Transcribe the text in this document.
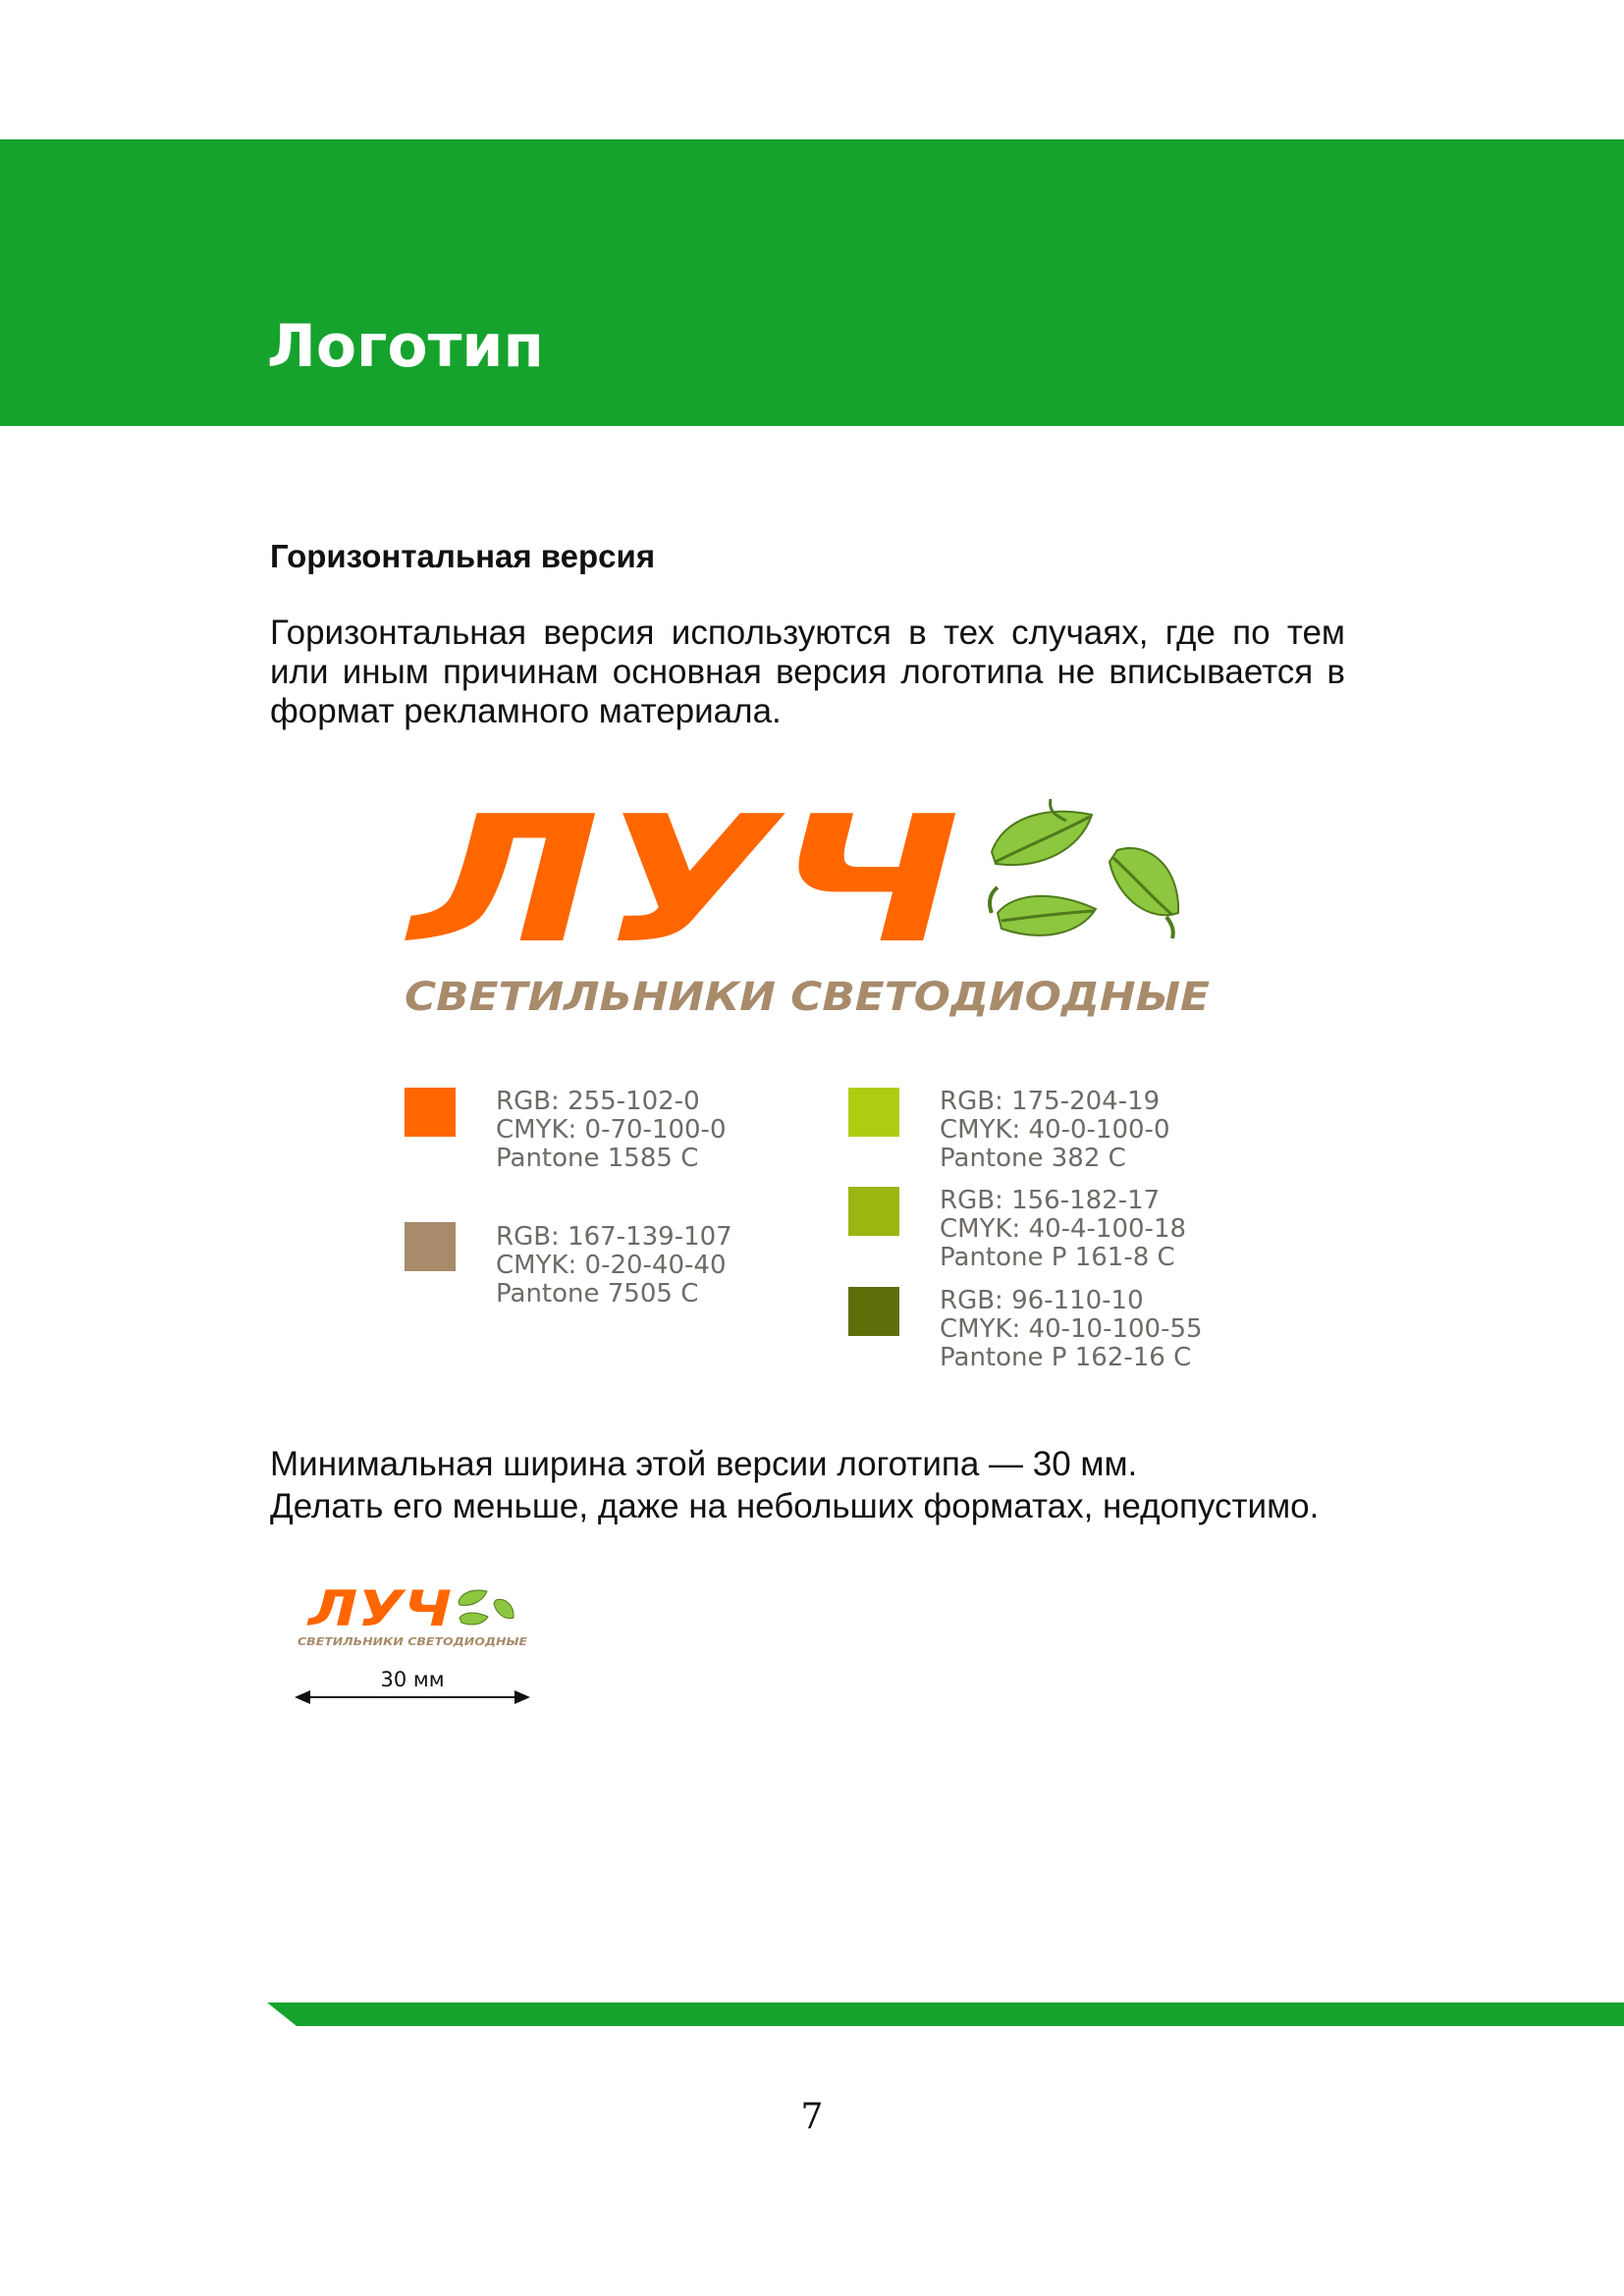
Логотип
Горизонтальная версия

Горизонтальная версия используются в тех случаях, где по тем или иным причинам основная версия логотипа не вписывается в формат рекламного материала.

ЛУЧ
СВЕТИЛЬНИКИ СВЕТОДИОДНЫЕ
RGB: 255-102-0
CMYK: 0-70-100-0
Pantone 1585 C
RGB: 167-139-107
CMYK: 0-20-40-40
Pantone 7505 C
RGB: 175-204-19
CMYK: 40-0-100-0
Pantone 382 C
RGB: 156-182-17
CMYK: 40-4-100-18
Pantone P 161-8 C
RGB: 96-110-10
CMYK: 40-10-100-55
Pantone P 162-16 C
Минимальная ширина этой версии логотипа — 30 мм.
Делать его меньше, даже на небольших форматах, недопустимо.
ЛУЧ
СВЕТИЛЬНИКИ СВЕТОДИОДНЫЕ
30 мм
7
